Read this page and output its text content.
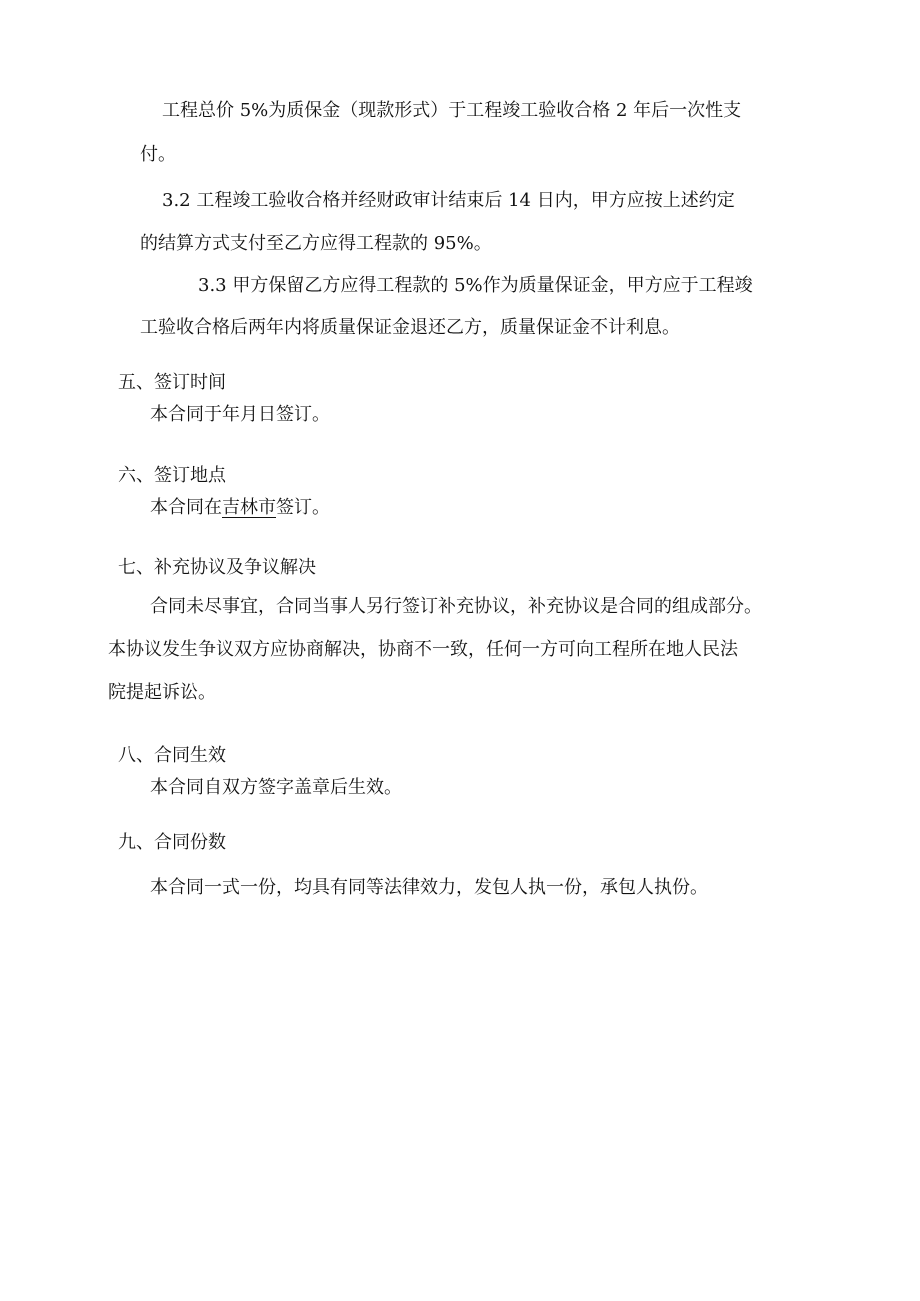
工程总价 5%为质保金（现款形式）于工程竣工验收合格 2 年后一次性支
付。
3.2 工程竣工验收合格并经财政审计结束后 14 日内，甲方应按上述约定
的结算方式支付至乙方应得工程款的 95%。
3.3 甲方保留乙方应得工程款的 5%作为质量保证金，甲方应于工程竣
工验收合格后两年内将质量保证金退还乙方，质量保证金不计利息。
五、签订时间
本合同于年月日签订。
六、签订地点
本合同在吉林市签订。
七、补充协议及争议解决
合同未尽事宜，合同当事人另行签订补充协议，补充协议是合同的组成部分。
本协议发生争议双方应协商解决，协商不一致，任何一方可向工程所在地人民法
院提起诉讼。
八、合同生效
本合同自双方签字盖章后生效。
九、合同份数
本合同一式一份，均具有同等法律效力，发包人执一份，承包人执份。
